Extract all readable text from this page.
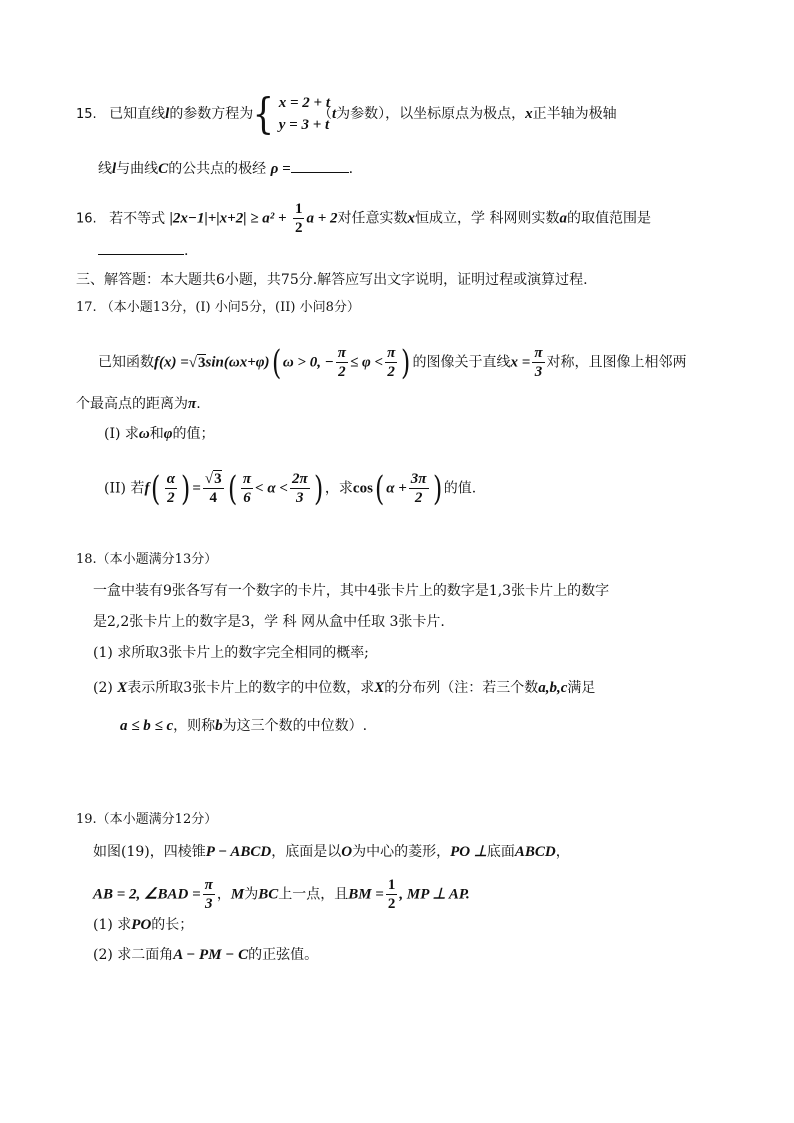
15. 已知直线l的参数方程为 { x = 2 + t
y = 3 + t
（t为参数），以坐标原点为极点，x正半轴为极轴
线l与曲线C的公共点的极经 ρ =	.
16. 若不等式 $|2x-1|+|x+2| \ge a^2 + \frac{1}{2}$ a + 2对任意实数x恒成立，学 科网则实数a的取值范围是
.
三、解答题：本大题共6小题，共75分.解答应写出文字说明，证明过程或演算过程.
17. （本小题13分，(I) 小问5分，(II) 小问8分）
已知函数f(x) =√3sin(ωx+φ)( ω > 0, − $\frac{\pi}{2} \le \varphi < \frac{\pi}{2}$ ) 的图像关于直线$x = \frac{\pi}{3}$ 对称，且图像上相邻两
个最高点的距离为π.
(I) 求ω和φ的值；
(II) 若$f( \frac{\alpha}{2}$ ) = $\frac{√3}{4}$ ( $\frac{\pi}{6} < \alpha < \frac{2\pi}{3}$ ) ，求cos( $\alpha + \frac{3\pi}{2}$ ) 的值.
18.（本小题满分13分）
一盒中装有9张各写有一个数字的卡片，其中4张卡片上的数字是1,3张卡片上的数字
是2,2张卡片上的数字是3，学 科 网从盒中任取 3张卡片.
(1) 求所取3张卡片上的数字完全相同的概率;
(2) X表示所取3张卡片上的数字的中位数，求X的分布列（注：若三个数a,b,c满足
a ≤ b ≤ c，则称b为这三个数的中位数）.
19.（本小题满分12分）
如图(19)，四棱锥P − ABCD，底面是以O为中心的菱形，PO ⊥底面ABCD，
AB = 2, ∠BAD = $\frac{\pi}{3}$ ，M为BC上一点，且BM = $\frac{1}{2}$ , MP ⊥ AP.
(1) 求PO的长；
(2) 求二面角A − PM − C的正弦值。
